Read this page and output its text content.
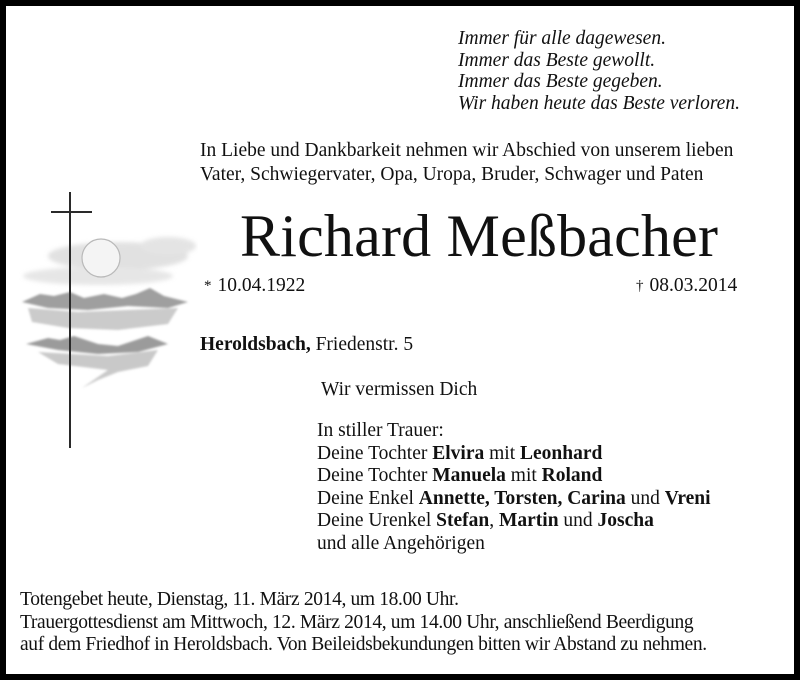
Immer für alle dagewesen.
Immer das Beste gewollt.
Immer das Beste gegeben.
Wir haben heute das Beste verloren.
In Liebe und Dankbarkeit nehmen wir Abschied von unserem lieben
Vater, Schwiegervater, Opa, Uropa, Bruder, Schwager und Paten
Richard Meßbacher
* 10.04.1922	† 08.03.2014
Heroldsbach, Friedenstr. 5
Wir vermissen Dich
In stiller Trauer:
Deine Tochter Elvira mit Leonhard
Deine Tochter Manuela mit Roland
Deine Enkel Annette, Torsten, Carina und Vreni
Deine Urenkel Stefan, Martin und Joscha
und alle Angehörigen
Totengebet heute, Dienstag, 11. März 2014, um 18.00 Uhr.
Trauergottesdienst am Mittwoch, 12. März 2014, um 14.00 Uhr, anschließend Beerdigung
auf dem Friedhof in Heroldsbach. Von Beileidsbekundungen bitten wir Abstand zu nehmen.
